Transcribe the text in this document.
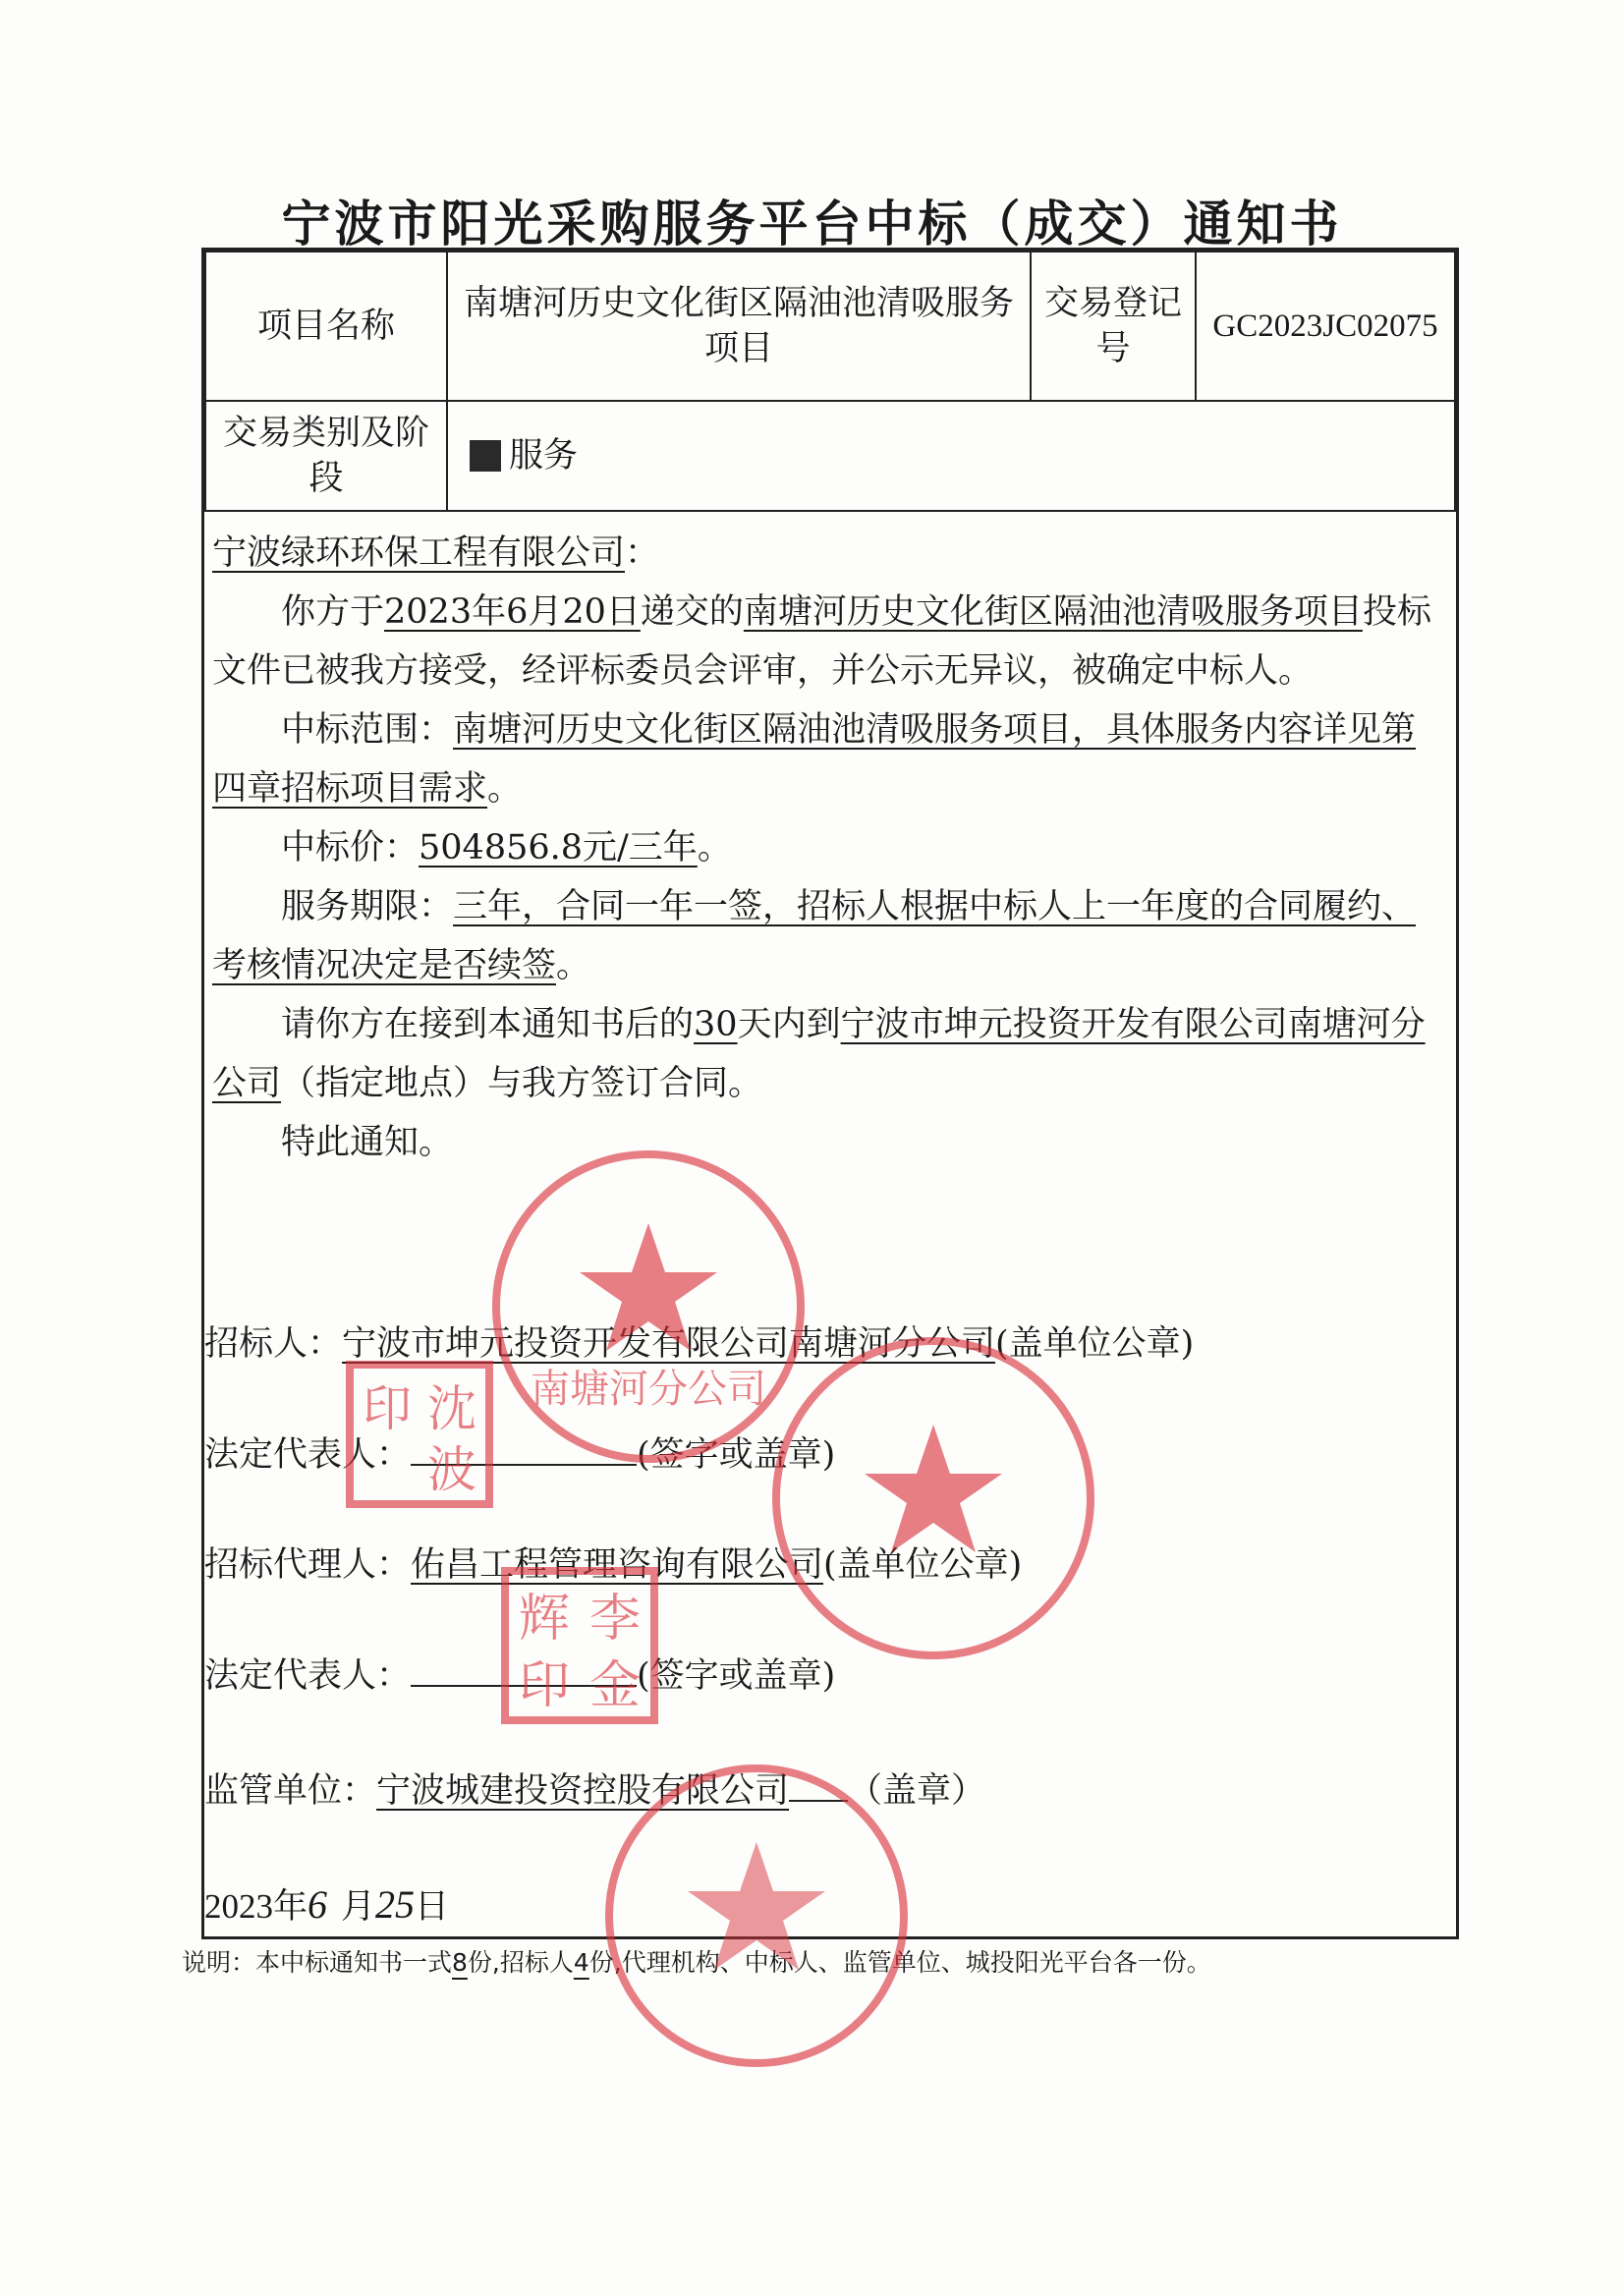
宁波市阳光采购服务平台中标（成交）通知书
项目名称	南塘河历史文化街区隔油池清吸服务项目	交易登记号	GC2023JC02075
交易类别及阶段	服务		

宁波绿环环保工程有限公司：

你方于2023年6月20日递交的南塘河历史文化街区隔油池清吸服务项目投标文件已被我方接受，经评标委员会评审，并公示无异议，被确定中标人。

中标范围：南塘河历史文化街区隔油池清吸服务项目，具体服务内容详见第四章招标项目需求。

中标价：504856.8元/三年。

服务期限：三年，合同一年一签，招标人根据中标人上一年度的合同履约、考核情况决定是否续签。

请你方在接到本通知书后的30天内到宁波市坤元投资开发有限公司南塘河分公司（指定地点）与我方签订合同。

特此通知。

招标人：宁波市坤元投资开发有限公司南塘河分公司(盖单位公章)
法定代表人：	(签字或盖章)
招标代理人：佑昌工程管理咨询有限公司(盖单位公章)
法定代表人：	(签字或盖章)
监管单位：宁波城建投资控股有限公司 （盖章）
2023年6 月25日
说明：本中标通知书一式8份,招标人4份,代理机构、中标人、监管单位、城投阳光平台各一份。
南塘河分公司
印 沈
波
辉 李
印 金
